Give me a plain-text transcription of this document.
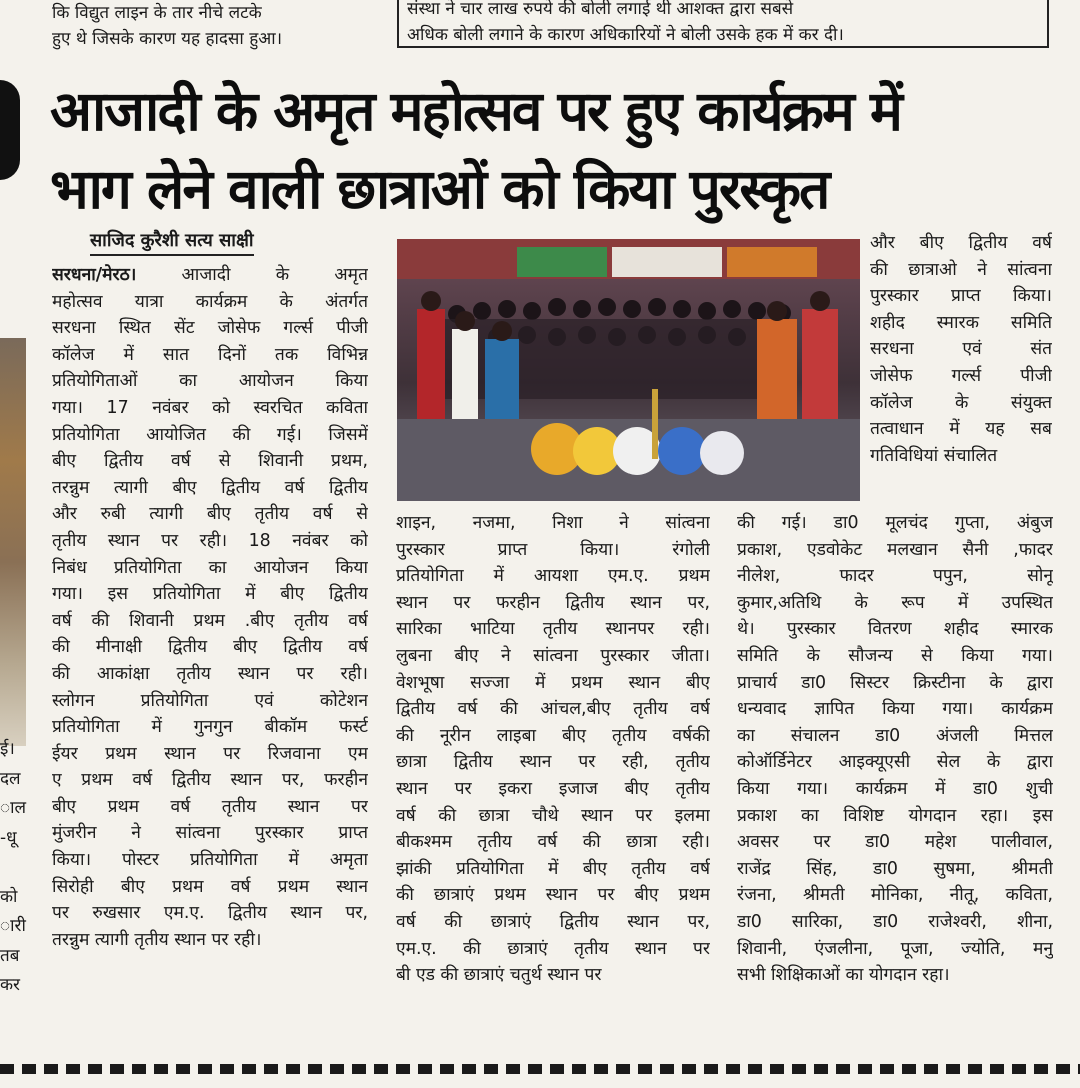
ई।
दल
ाल
-धू
को
ारी
तब
कर
कि विद्युत लाइन के तार नीचे लटके
हुए थे जिसके कारण यह हादसा हुआ।
संस्था ने चार लाख रुपये की बोली लगाई थी आशक्त द्वारा सबसे
अधिक बोली लगाने के कारण अधिकारियों ने बोली उसके हक में कर दी।
आजादी के अमृत महोत्सव पर हुए कार्यक्रम में
भाग लेने वाली छात्राओं को किया पुरस्कृत
साजिद कुरैशी सत्य साक्षी
सरधना/मेरठ। आजादी के अमृत
महोत्सव यात्रा कार्यक्रम के अंतर्गत
सरधना स्थित सेंट जोसेफ गर्ल्स पीजी
कॉलेज में सात दिनों तक विभिन्न
प्रतियोगिताओं का आयोजन किया
गया। 17 नवंबर को स्वरचित कविता
प्रतियोगिता आयोजित की गई। जिसमें
बीए द्वितीय वर्ष से शिवानी प्रथम,
तरन्नुम त्यागी बीए द्वितीय वर्ष द्वितीय
और रुबी त्यागी बीए तृतीय वर्ष से
तृतीय स्थान पर रही। 18 नवंबर को
निबंध प्रतियोगिता का आयोजन किया
गया। इस प्रतियोगिता में बीए द्वितीय
वर्ष की शिवानी प्रथम .बीए तृतीय वर्ष
की मीनाक्षी द्वितीय बीए द्वितीय वर्ष
की आकांक्षा तृतीय स्थान पर रही।
स्लोगन प्रतियोगिता एवं कोटेशन
प्रतियोगिता में गुनगुन बीकॉम फर्स्ट
ईयर प्रथम स्थान पर रिजवाना एम
ए प्रथम वर्ष द्वितीय स्थान पर, फरहीन
बीए प्रथम वर्ष तृतीय स्थान पर
मुंजरीन ने सांत्वना पुरस्कार प्राप्त
किया। पोस्टर प्रतियोगिता में अमृता
सिरोही बीए प्रथम वर्ष प्रथम स्थान
पर रुखसार एम.ए. द्वितीय स्थान पर,
तरन्नुम त्यागी तृतीय स्थान पर रही।
शाइन, नजमा, निशा ने सांत्वना
पुरस्कार प्राप्त किया। रंगोली
प्रतियोगिता में आयशा एम.ए. प्रथम
स्थान पर फरहीन द्वितीय स्थान पर,
सारिका भाटिया तृतीय स्थानपर रही।
लुबना बीए ने सांत्वना पुरस्कार जीता।
वेशभूषा सज्जा में प्रथम स्थान बीए
द्वितीय वर्ष की आंचल,बीए तृतीय वर्ष
की नूरीन लाइबा बीए तृतीय वर्षकी
छात्रा द्वितीय स्थान पर रही, तृतीय
स्थान पर इकरा इजाज बीए तृतीय
वर्ष की छात्रा चौथे स्थान पर इलमा
बीकश्मम तृतीय वर्ष की छात्रा रही।
झांकी प्रतियोगिता में बीए तृतीय वर्ष
की छात्राएं प्रथम स्थान पर बीए प्रथम
वर्ष की छात्राएं द्वितीय स्थान पर,
एम.ए. की छात्राएं तृतीय स्थान पर
बी एड की छात्राएं चतुर्थ स्थान पर
और बीए द्वितीय वर्ष
की छात्राओ ने सांत्वना
पुरस्कार प्राप्त किया।
शहीद स्मारक समिति
सरधना एवं संत
जोसेफ गर्ल्स पीजी
कॉलेज के संयुक्त
तत्वाधान में यह सब
गतिविधियां संचालित
की गई। डा0 मूलचंद गुप्ता, अंबुज
प्रकाश, एडवोकेट मलखान सैनी ,फादर
नीलेश, फादर पपुन, सोनू
कुमार,अतिथि के रूप में उपस्थित
थे। पुरस्कार वितरण शहीद स्मारक
समिति के सौजन्य से किया गया।
प्राचार्य डा0 सिस्टर क्रिस्टीना के द्वारा
धन्यवाद ज्ञापित किया गया। कार्यक्रम
का संचालन डा0 अंजली मित्तल
कोऑर्डिनेटर आइक्यूएसी सेल के द्वारा
किया गया। कार्यक्रम में डा0 शुची
प्रकाश का विशिष्ट योगदान रहा। इस
अवसर पर डा0 महेश पालीवाल,
राजेंद्र सिंह, डा0 सुषमा, श्रीमती
रंजना, श्रीमती मोनिका, नीतू, कविता,
डा0 सारिका, डा0 राजेश्वरी, शीना,
शिवानी, एंजलीना, पूजा, ज्योति, मनु
सभी शिक्षिकाओं का योगदान रहा।
